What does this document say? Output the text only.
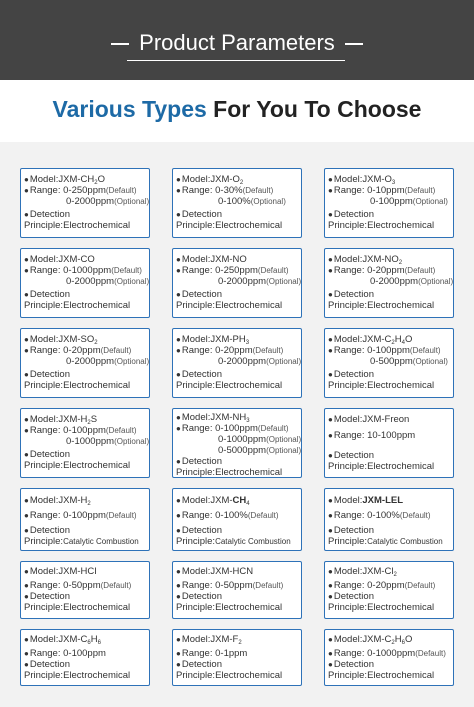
Product Parameters
Various Types For You To Choose
$●Model:JXM-CH_2O$
●Range: 0-250ppm(Default)
0-2000ppm(Optional)
●Detection
Principle:Electrochemical
$●Model:JXM-O_2$
●Range: 0-30%(Default)
0-100%(Optional)
●Detection
Principle:Electrochemical
$●Model:JXM-O_3$
●Range: 0-10ppm(Default)
0-100ppm(Optional)
●Detection
Principle:Electrochemical
●Model:JXM-CO
●Range: 0-1000ppm(Default)
0-2000ppm(Optional)
●Detection
Principle:Electrochemical
●Model:JXM-NO
●Range: 0-250ppm(Default)
0-2000ppm(Optional)
●Detection
Principle:Electrochemical
$●Model:JXM-NO_2$
●Range: 0-20ppm(Default)
0-2000ppm(Optional)
●Detection
Principle:Electrochemical
$●Model:JXM-SO_2$
●Range: 0-20ppm(Default)
0-2000ppm(Optional)
●Detection
Principle:Electrochemical
$●Model:JXM-PH_3$
●Range: 0-20ppm(Default)
0-2000ppm(Optional)
●Detection
Principle:Electrochemical
$●Model:JXM-C_2H_4O$
●Range: 0-100ppm(Default)
0-500ppm(Optional)
●Detection
Principle:Electrochemical
$●Model:JXM-H_2S$
●Range: 0-100ppm(Default)
0-1000ppm(Optional)
●Detection
Principle:Electrochemical
$●Model:JXM-NH_3$
●Range: 0-100ppm(Default)
0-1000ppm(Optional)
0-5000ppm(Optional)
●Detection
Principle:Electrochemical
●Model:JXM-Freon
●Range: 10-100ppm
●Detection
Principle:Electrochemical
$●Model:JXM-H_2$
●Range: 0-100ppm(Default)
●Detection
Principle:Catalytic Combustion
$●Model:JXM-CH_4$
●Range: 0-100%(Default)
●Detection
Principle:Catalytic Combustion
●Model:JXM-LEL
●Range: 0-100%(Default)
●Detection
Principle:Catalytic Combustion
●Model:JXM-HCI
●Range: 0-50ppm(Default)
●Detection
Principle:Electrochemical
●Model:JXM-HCN
●Range: 0-50ppm(Default)
●Detection
Principle:Electrochemical
$●Model:JXM-Cl_2$
●Range: 0-20ppm(Default)
●Detection
Principle:Electrochemical
$●Model:JXM-C_6H_6$
●Range: 0-100ppm
●Detection
Principle:Electrochemical
$●Model:JXM-F_2$
●Range: 0-1ppm
●Detection
Principle:Electrochemical
$●Model:JXM-C_2H_6O$
●Range: 0-1000ppm(Default)
●Detection
Principle:Electrochemical
